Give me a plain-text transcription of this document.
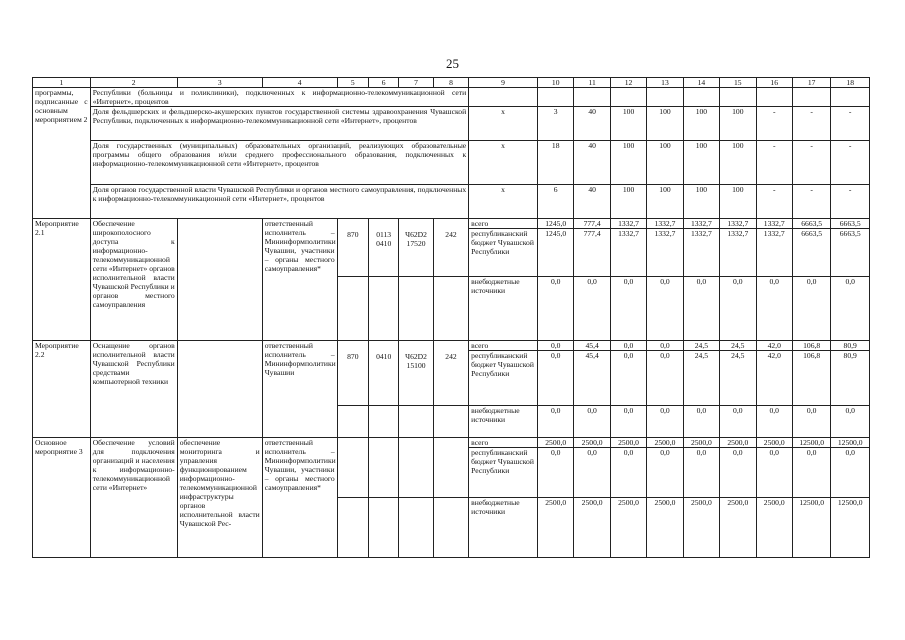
25
1	2	3	4	5	6	7	8	9	10	11	12	13	14	15	16	17	18
программы, подписанные с основным мероприятием 2	Республики (больницы и поликлиники), подключенных к информационно-телекоммуникационной сети «Интернет», процентов																
	Доля фельдшерских и фельдшерско-акушерских пунктов государственной системы здравоохранения Чувашской Республики, подключенных к информационно-телекоммуникационной сети «Интернет», процентов							x	3	40	100	100	100	100	-	-	-
	Доля государственных (муниципальных) образовательных организаций, реализующих образовательные программы общего образования и/или среднего профессионального образования, подключенных к информационно-телекоммуникационной сети «Интернет», процентов							x	18	40	100	100	100	100	-	-	-
	Доля органов государственной власти Чувашской Республики и органов местного самоуправления, подключенных к информационно-телекоммуникационной сети «Интернет», процентов							x	6	40	100	100	100	100	-	-	-
Мероприятие 2.1	Обеспечение широкополосного доступа к информационно-телекоммуникационной сети «Интернет» органов исполнительной власти Чувашской Республики и органов местного самоуправления		ответственный исполнитель – Мининформполитики Чувашии, участники – органы местного самоуправления*	870	0113 0410	Ч62D2 17520	242	всего	1245,0	777,4	1332,7	1332,7	1332,7	1332,7	1332,7	6663,5	6663,5
								республиканский бюджет Чувашской Республики	1245,0	777,4	1332,7	1332,7	1332,7	1332,7	1332,7	6663,5	6663,5
								внебюджетные источники	0,0	0,0	0,0	0,0	0,0	0,0	0,0	0,0	0,0
Мероприятие 2.2	Оснащение органов исполнительной власти Чувашской Республики средствами компьютерной техники		ответственный исполнитель – Мининформполитики Чувашии	870	0410	Ч62D2 15100	242	всего	0,0	45,4	0,0	0,0	24,5	24,5	42,0	106,8	80,9
								республиканский бюджет Чувашской Республики	0,0	45,4	0,0	0,0	24,5	24,5	42,0	106,8	80,9
								внебюджетные источники	0,0	0,0	0,0	0,0	0,0	0,0	0,0	0,0	0,0
Основное мероприятие 3	Обеспечение условий для подключения организаций и населения к информационно-телекоммуникационной сети «Интернет»	обеспечение мониторинга и управления функционированием информационно-телекоммуникационной инфраструктуры органов исполнительной власти Чувашской Рес-	ответственный исполнитель – Мининформполитики Чувашии, участники – органы местного самоуправления*					всего	2500,0	2500,0	2500,0	2500,0	2500,0	2500,0	2500,0	12500,0	12500,0
								республиканский бюджет Чувашской Республики	0,0	0,0	0,0	0,0	0,0	0,0	0,0	0,0	0,0
								внебюджетные источники	2500,0	2500,0	2500,0	2500,0	2500,0	2500,0	2500,0	12500,0	12500,0
